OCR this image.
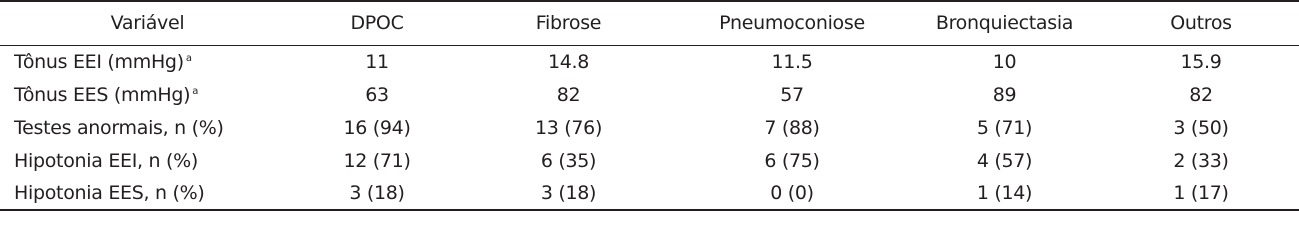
Variável	DPOC	Fibrose	Pneumoconiose	Bronquiectasia	Outros
Tônus EEI (mmHg) $^a$	11	14.8	11.5	10	15.9
Tônus EES (mmHg) $^a$	63	82	57	89	82
Testes anormais, n (%)	16 (94)	13 (76)	7 (88)	5 (71)	3 (50)
Hipotonia EEI, n (%)	12 (71)	6 (35)	6 (75)	4 (57)	2 (33)
Hipotonia EES, n (%)	3 (18)	3 (18)	0 (0)	1 (14)	1 (17)
